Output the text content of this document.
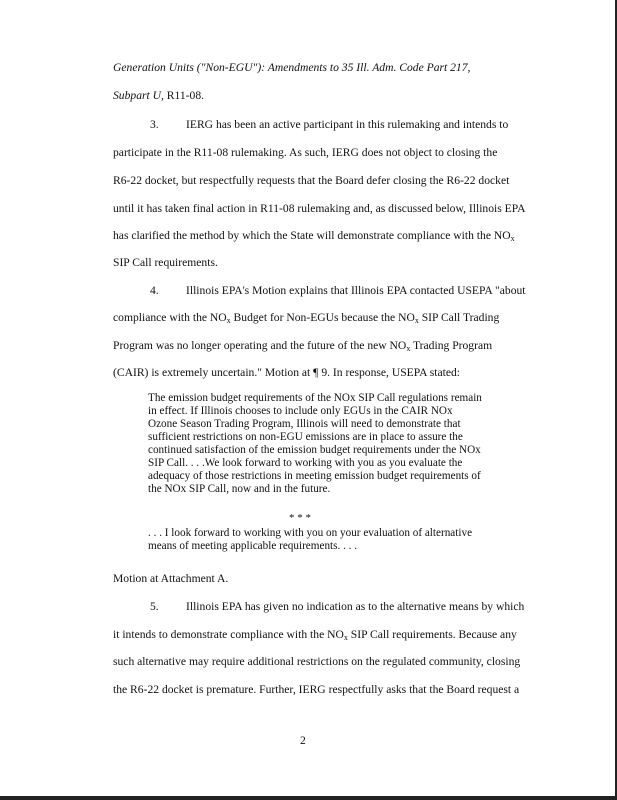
Generation Units ("Non-EGU"): Amendments to 35 Ill. Adm. Code Part 217,
Subpart U, R11-08.
3. IERG has been an active participant in this rulemaking and intends to
participate in the R11-08 rulemaking. As such, IERG does not object to closing the
R6-22 docket, but respectfully requests that the Board defer closing the R6-22 docket
until it has taken final action in R11-08 rulemaking and, as discussed below, Illinois EPA
has clarified the method by which the State will demonstrate compliance with the $NO_x$
SIP Call requirements.
4. Illinois EPA's Motion explains that Illinois EPA contacted USEPA "about
compliance with the $NO_x$ Budget for Non-EGUs because the $NO_x$ SIP Call Trading
Program was no longer operating and the future of the new $NO_x$ Trading Program
(CAIR) is extremely uncertain." Motion at ¶ 9. In response, USEPA stated:
The emission budget requirements of the NOx SIP Call regulations remain
in effect. If Illinois chooses to include only EGUs in the CAIR NOx
Ozone Season Trading Program, Illinois will need to demonstrate that
sufficient restrictions on non-EGU emissions are in place to assure the
continued satisfaction of the emission budget requirements under the NOx
SIP Call. . . .We look forward to working with you as you evaluate the
adequacy of those restrictions in meeting emission budget requirements of
the NOx SIP Call, now and in the future.
* * *
. . . I look forward to working with you on your evaluation of alternative
means of meeting applicable requirements. . . .
Motion at Attachment A.
5. Illinois EPA has given no indication as to the alternative means by which
it intends to demonstrate compliance with the $NO_x$ SIP Call requirements. Because any
such alternative may require additional restrictions on the regulated community, closing
the R6-22 docket is premature. Further, IERG respectfully asks that the Board request a
2
